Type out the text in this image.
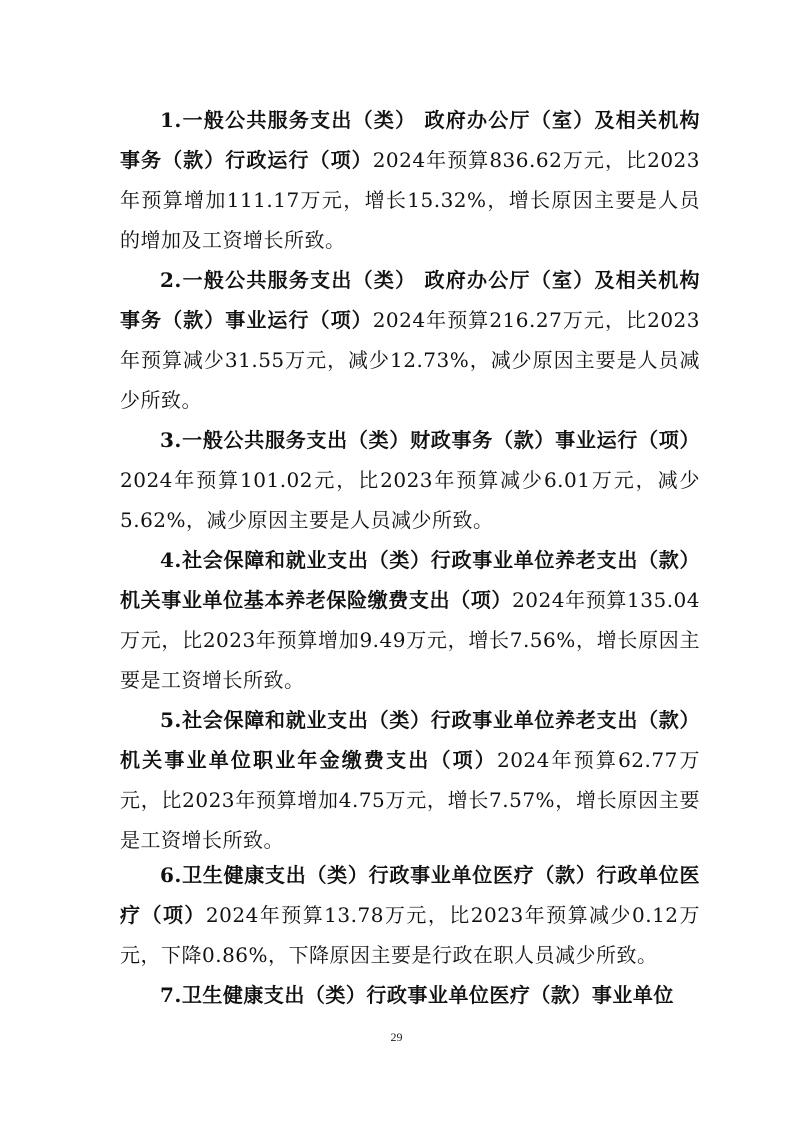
1.一般公共服务支出（类） 政府办公厅（室）及相关机构事务（款）行政运行（项）2024年预算836.62万元，比2023年预算增加111.17万元，增长15.32%，增长原因主要是人员的增加及工资增长所致。

2.一般公共服务支出（类） 政府办公厅（室）及相关机构事务（款）事业运行（项）2024年预算216.27万元，比2023年预算减少31.55万元，减少12.73%，减少原因主要是人员减少所致。

3.一般公共服务支出（类）财政事务（款）事业运行（项）2024年预算101.02元，比2023年预算减少6.01万元，减少5.62%，减少原因主要是人员减少所致。

4.社会保障和就业支出（类）行政事业单位养老支出（款）机关事业单位基本养老保险缴费支出（项）2024年预算135.04万元，比2023年预算增加9.49万元，增长7.56%，增长原因主要是工资增长所致。

5.社会保障和就业支出（类）行政事业单位养老支出（款）机关事业单位职业年金缴费支出（项）2024年预算62.77万元，比2023年预算增加4.75万元，增长7.57%，增长原因主要是工资增长所致。

6.卫生健康支出（类）行政事业单位医疗（款）行政单位医疗（项）2024年预算13.78万元，比2023年预算减少0.12万元，下降0.86%，下降原因主要是行政在职人员减少所致。

7.卫生健康支出（类）行政事业单位医疗（款）事业单位

29
